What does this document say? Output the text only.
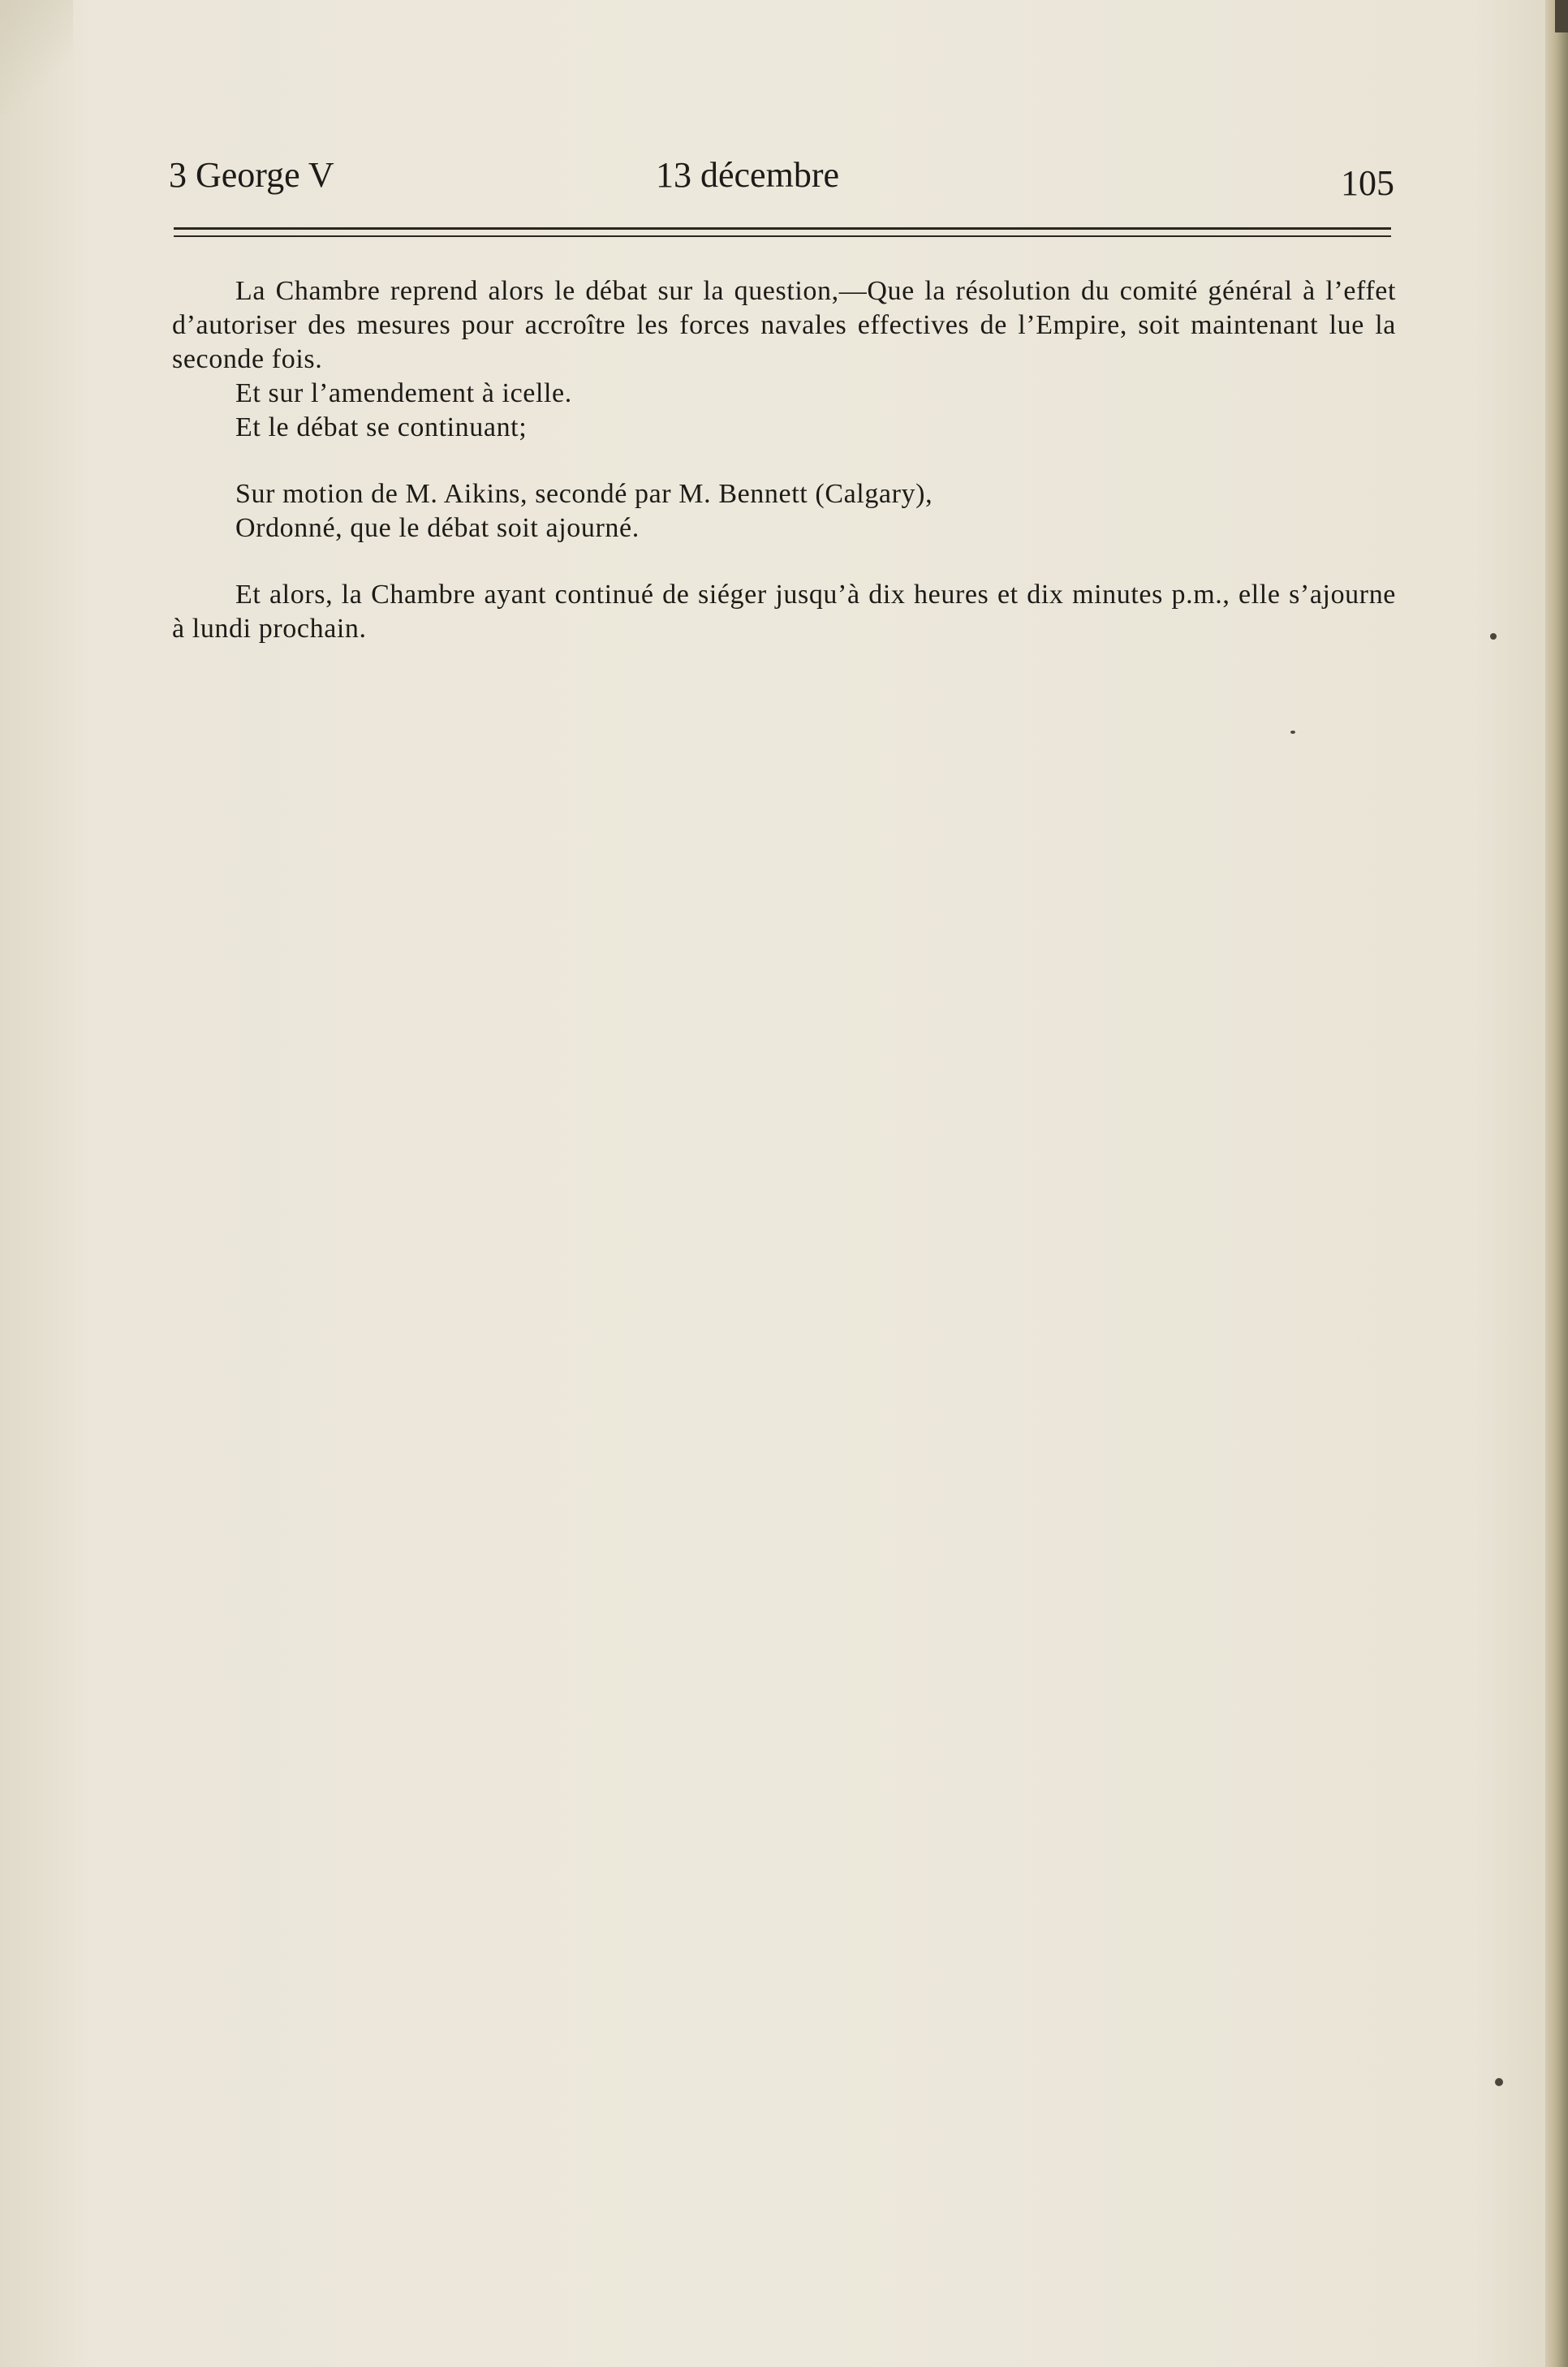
3 George V	13 décembre	105

La Chambre reprend alors le débat sur la question,—Que la résolution du comité général à l’effet d’autoriser des mesures pour accroître les forces navales effectives de l’Empire, soit maintenant lue la seconde fois.

Et sur l’amendement à icelle.

Et le débat se continuant;

Sur motion de M. Aikins, secondé par M. Bennett (Calgary),

Ordonné, que le débat soit ajourné.

Et alors, la Chambre ayant continué de siéger jusqu’à dix heures et dix minutes p.m., elle s’ajourne à lundi prochain.
